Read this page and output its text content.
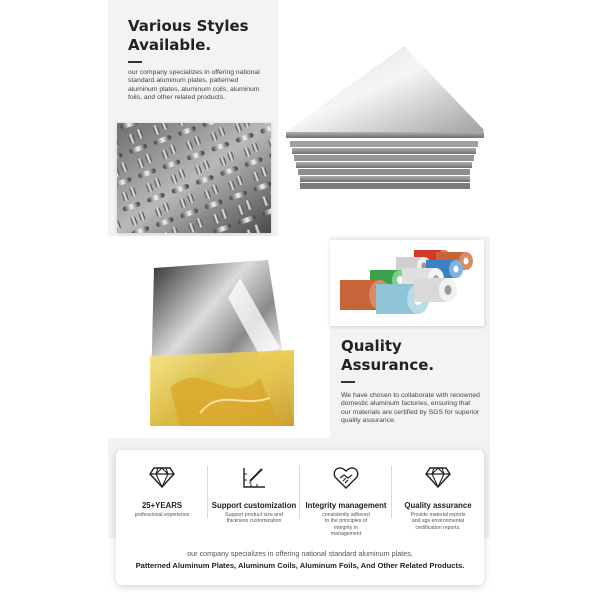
Various Styles
Available.
our company specializes in offering national standard aluminum plates, patterned aluminum plates, aluminum coils, aluminum foils, and other related products.
Quality
Assurance.
We have chosen to collaborate with renowned domestic aluminum factories, ensuring that our materials are certified by SGS for superior quality assurance.
25+YEARS
professional experience
Support customization
Support product size and thickness customization
Integrity management
consistently adhered to the principles of integrity in management
Quality assurance
Provide material reports and sgs environmental certification reports.
our company specializes in offering national standard aluminum plates,
Patterned Aluminum Plates, Aluminum Coils, Aluminum Foils, And Other Related Products.
